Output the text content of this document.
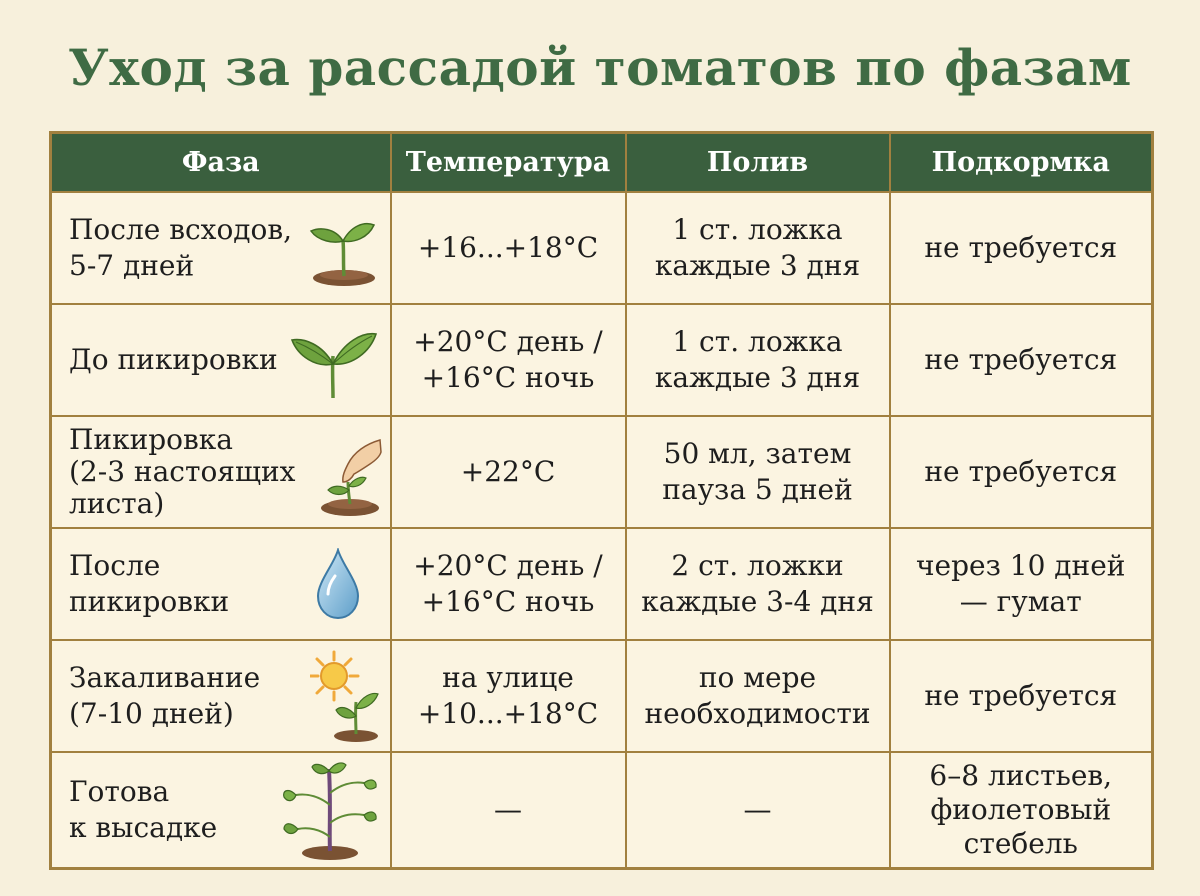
Уход за рассадой томатов по фазам
Фаза	Температура	Полив	Подкормка

После всходов,
5-7 дней	+16...+18°C	1 ст. ложка
каждые 3 дня	не требуется

До пикировки	+20°C день /
+16°C ночь	1 ст. ложка
каждые 3 дня	не требуется

Пикировка
(2-3 настоящих
листа)	+22°C	50 мл, затем
пауза 5 дней	не требуется

После
пикировки	+20°C день /
+16°C ночь	2 ст. ложки
каждые 3-4 дня	через 10 дней
— гумат

Закаливание
(7-10 дней)	на улице
+10...+18°C	по мере
необходимости	не требуется

Готова
к высадке	—	—	6–8 листьев,
фиолетовый
стебель
